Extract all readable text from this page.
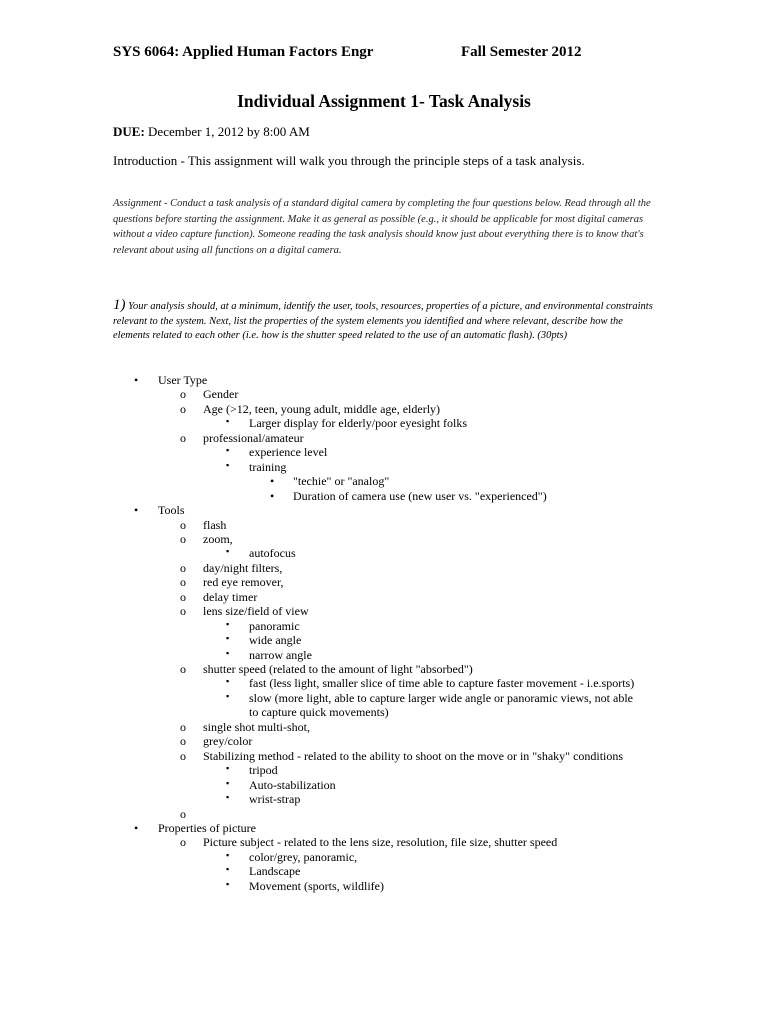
SYS 6064: Applied Human Factors Engr	Fall Semester 2012
Individual Assignment 1- Task Analysis
DUE: December 1, 2012 by 8:00 AM
Introduction - This assignment will walk you through the principle steps of a task analysis.
Assignment - Conduct a task analysis of a standard digital camera by completing the four questions below. Read through all the questions before starting the assignment. Make it as general as possible (e.g., it should be applicable for most digital cameras without a video capture function). Someone reading the task analysis should know just about everything there is to know that's relevant about using all functions on a digital camera.
1) Your analysis should, at a minimum, identify the user, tools, resources, properties of a picture, and environmental constraints relevant to the system. Next, list the properties of the system elements you identified and where relevant, describe how the elements related to each other (i.e. how is the shutter speed related to the use of an automatic flash). (30pts)
• User Type
o Gender
o Age (>12, teen, young adult, middle age, elderly)
▪ Larger display for elderly/poor eyesight folks
o professional/amateur
▪ experience level
▪ training
• "techie" or "analog"
• Duration of camera use (new user vs. "experienced")
• Tools
o flash
o zoom,
▪ autofocus
o day/night filters,
o red eye remover,
o delay timer
o lens size/field of view
▪ panoramic
▪ wide angle
▪ narrow angle
o shutter speed (related to the amount of light "absorbed")
▪ fast (less light, smaller slice of time able to capture faster movement - i.e.sports)
▪ slow (more light, able to capture larger wide angle or panoramic views, not able
to capture quick movements)
o single shot multi-shot,
o grey/color
o Stabilizing method - related to the ability to shoot on the move or in "shaky" conditions
▪ tripod
▪ Auto-stabilization
▪ wrist-strap
o
• Properties of picture
o Picture subject - related to the lens size, resolution, file size, shutter speed
▪ color/grey, panoramic,
▪ Landscape
▪ Movement (sports, wildlife)
